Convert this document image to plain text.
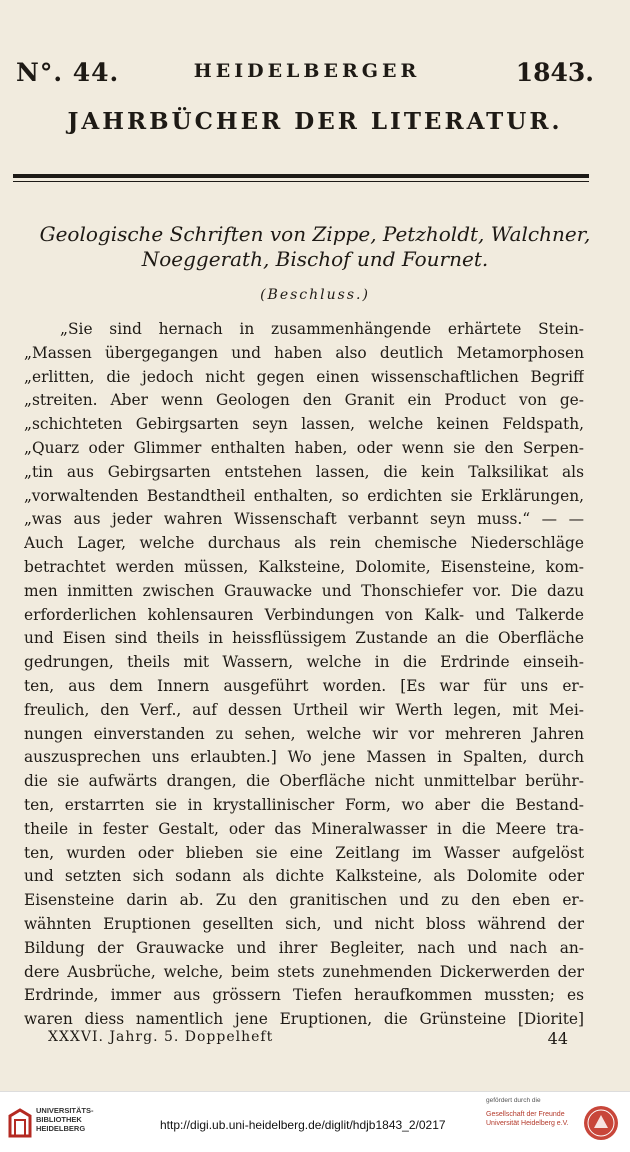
N°. 44.	HEIDELBERGER	1843.
JAHRBÜCHER DER LITERATUR.
Geologische Schriften von Zippe, Petzholdt, Walchner,
Noeggerath, Bischof und Fournet.
(Beschluss.)
„Sie sind hernach in zusammenhängende erhärtete Stein-
„Massen übergegangen und haben also deutlich Metamorphosen
„erlitten, die jedoch nicht gegen einen wissenschaftlichen Begriff
„streiten. Aber wenn Geologen den Granit ein Product von ge-
„schichteten Gebirgsarten seyn lassen, welche keinen Feldspath,
„Quarz oder Glimmer enthalten haben, oder wenn sie den Serpen-
„tin aus Gebirgsarten entstehen lassen, die kein Talksilikat als
„vorwaltenden Bestandtheil enthalten, so erdichten sie Erklärungen,
„was aus jeder wahren Wissenschaft verbannt seyn muss.“ — —
Auch Lager, welche durchaus als rein chemische Niederschläge
betrachtet werden müssen, Kalksteine, Dolomite, Eisensteine, kom-
men inmitten zwischen Grauwacke und Thonschiefer vor. Die dazu
erforderlichen kohlensauren Verbindungen von Kalk- und Talkerde
und Eisen sind theils in heissflüssigem Zustande an die Oberfläche
gedrungen, theils mit Wassern, welche in die Erdrinde einseih-
ten, aus dem Innern ausgeführt worden. [Es war für uns er-
freulich, den Verf., auf dessen Urtheil wir Werth legen, mit Mei-
nungen einverstanden zu sehen, welche wir vor mehreren Jahren
auszusprechen uns erlaubten.] Wo jene Massen in Spalten, durch
die sie aufwärts drangen, die Oberfläche nicht unmittelbar berühr-
ten, erstarrten sie in krystallinischer Form, wo aber die Bestand-
theile in fester Gestalt, oder das Mineralwasser in die Meere tra-
ten, wurden oder blieben sie eine Zeitlang im Wasser aufgelöst
und setzten sich sodann als dichte Kalksteine, als Dolomite oder
Eisensteine darin ab. Zu den granitischen und zu den eben er-
wähnten Eruptionen gesellten sich, und nicht bloss während der
Bildung der Grauwacke und ihrer Begleiter, nach und nach an-
dere Ausbrüche, welche, beim stets zunehmenden Dickerwerden der
Erdrinde, immer aus grössern Tiefen heraufkommen mussten; es
waren diess namentlich jene Eruptionen, die Grünsteine [Diorite]
XXXVI. Jahrg. 5. Doppelheft	44
UNIVERSITÄTS-
BIBLIOTHEK
HEIDELBERG	http://digi.ub.uni-heidelberg.de/diglit/hdjb1843_2/0217
gefördert durch die
Gesellschaft der Freunde
Universität Heidelberg e.V.
